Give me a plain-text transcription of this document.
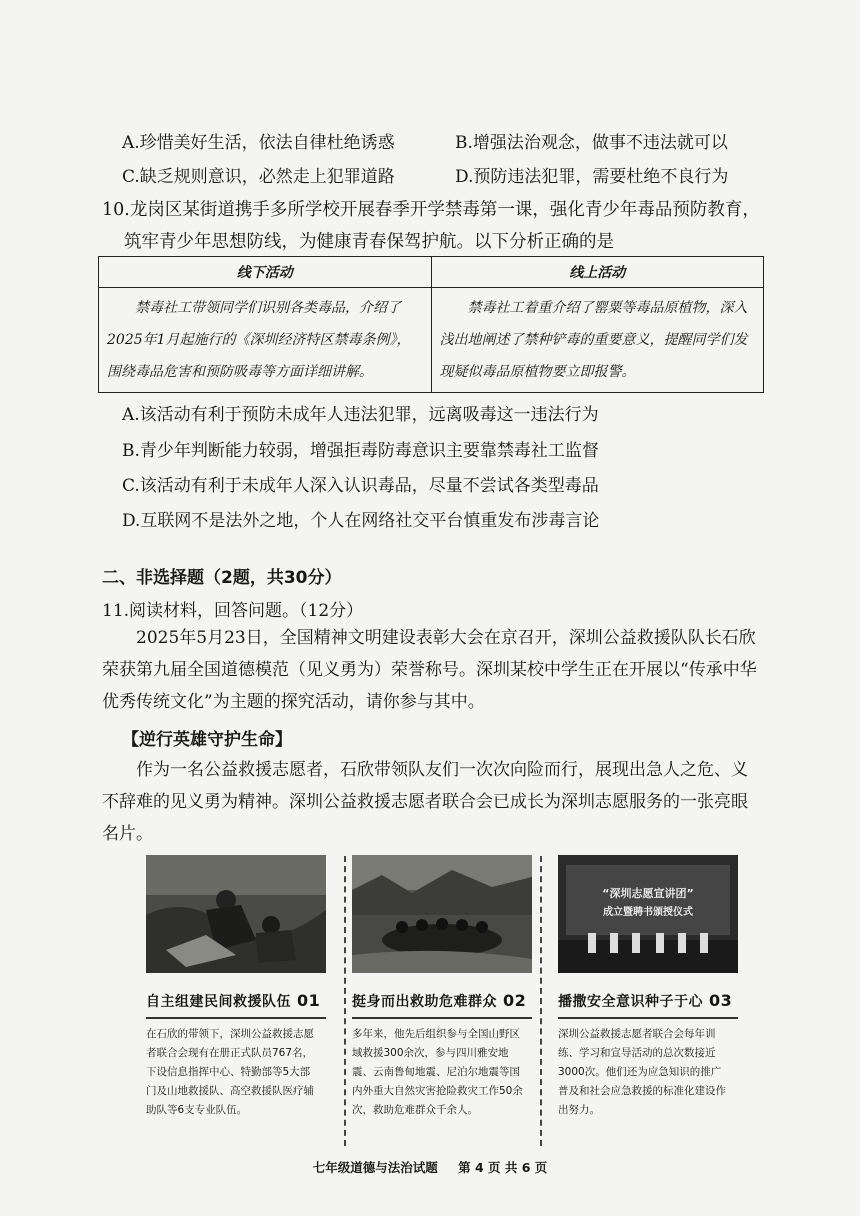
A.珍惜美好生活，依法自律杜绝诱惑	B.增强法治观念，做事不违法就可以
C.缺乏规则意识，必然走上犯罪道路	D.预防违法犯罪，需要杜绝不良行为
10.龙岗区某街道携手多所学校开展春季开学禁毒第一课，强化青少年毒品预防教育，
筑牢青少年思想防线，为健康青春保驾护航。以下分析正确的是
线下活动	线上活动
禁毒社工带领同学们识别各类毒品，介绍了2025年1月起施行的《深圳经济特区禁毒条例》，围绕毒品危害和预防吸毒等方面详细讲解。	禁毒社工着重介绍了罂粟等毒品原植物，深入浅出地阐述了禁种铲毒的重要意义，提醒同学们发现疑似毒品原植物要立即报警。
A.该活动有利于预防未成年人违法犯罪，远离吸毒这一违法行为
B.青少年判断能力较弱，增强拒毒防毒意识主要靠禁毒社工监督
C.该活动有利于未成年人深入认识毒品，尽量不尝试各类型毒品
D.互联网不是法外之地，个人在网络社交平台慎重发布涉毒言论
二、非选择题（2题，共30分）
11.阅读材料，回答问题。（12分）
2025年5月23日，全国精神文明建设表彰大会在京召开，深圳公益救援队队长石欣荣获第九届全国道德模范（见义勇为）荣誉称号。深圳某校中学生正在开展以“传承中华优秀传统文化”为主题的探究活动，请你参与其中。
【逆行英雄守护生命】
作为一名公益救援志愿者，石欣带领队友们一次次向险而行，展现出急人之危、义不辞难的见义勇为精神。深圳公益救援志愿者联合会已成长为深圳志愿服务的一张亮眼名片。
自主组建民间救援队伍 01
在石欣的带领下，深圳公益救援志愿者联合会现有在册正式队员767名，下设信息指挥中心、特勤部等5大部门及山地救援队、高空救援队医疗辅助队等6支专业队伍。
挺身而出救助危难群众 02
多年来，他先后组织参与全国山野区域救援300余次，参与四川雅安地震、云南鲁甸地震、尼泊尔地震等国内外重大自然灾害抢险救灾工作50余次，救助危难群众千余人。
“深圳志愿宣讲团”
成立暨聘书颁授仪式
播撒安全意识种子于心 03
深圳公益救援志愿者联合会每年训练、学习和宣导活动的总次数接近3000次。他们还为应急知识的推广普及和社会应急救援的标准化建设作出努力。
七年级道德与法治试题 第 4 页 共 6 页
